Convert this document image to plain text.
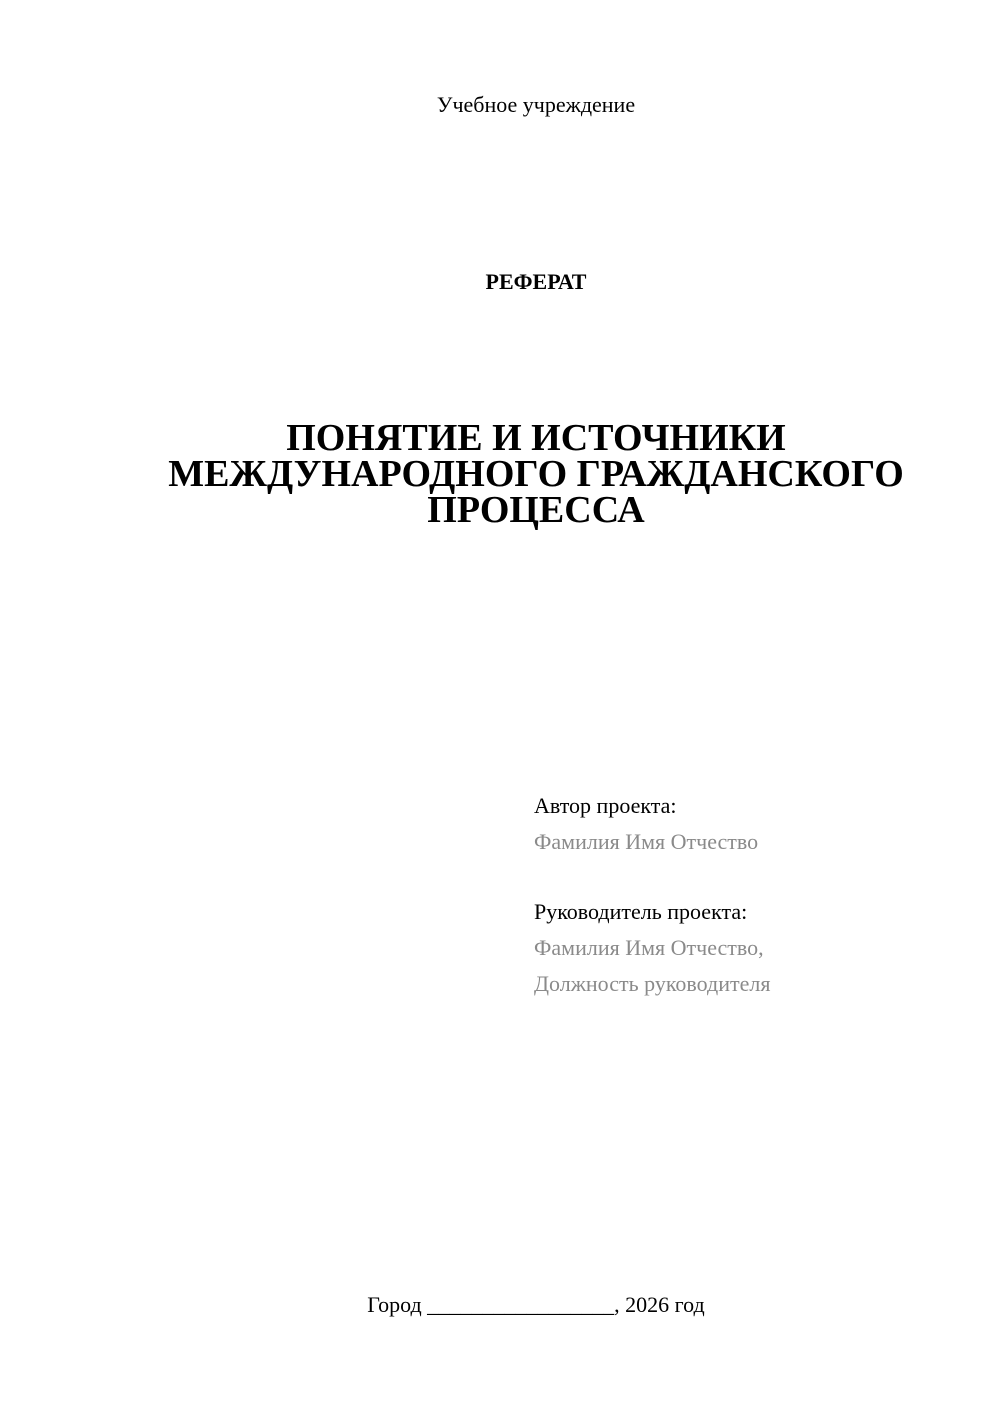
Учебное учреждение
РЕФЕРАТ
ПОНЯТИЕ И ИСТОЧНИКИ
МЕЖДУНАРОДНОГО ГРАЖДАНСКОГО
ПРОЦЕССА
Автор проекта:
Фамилия Имя Отчество
Руководитель проекта:
Фамилия Имя Отчество,
Должность руководителя
Город _________________, 2026 год
